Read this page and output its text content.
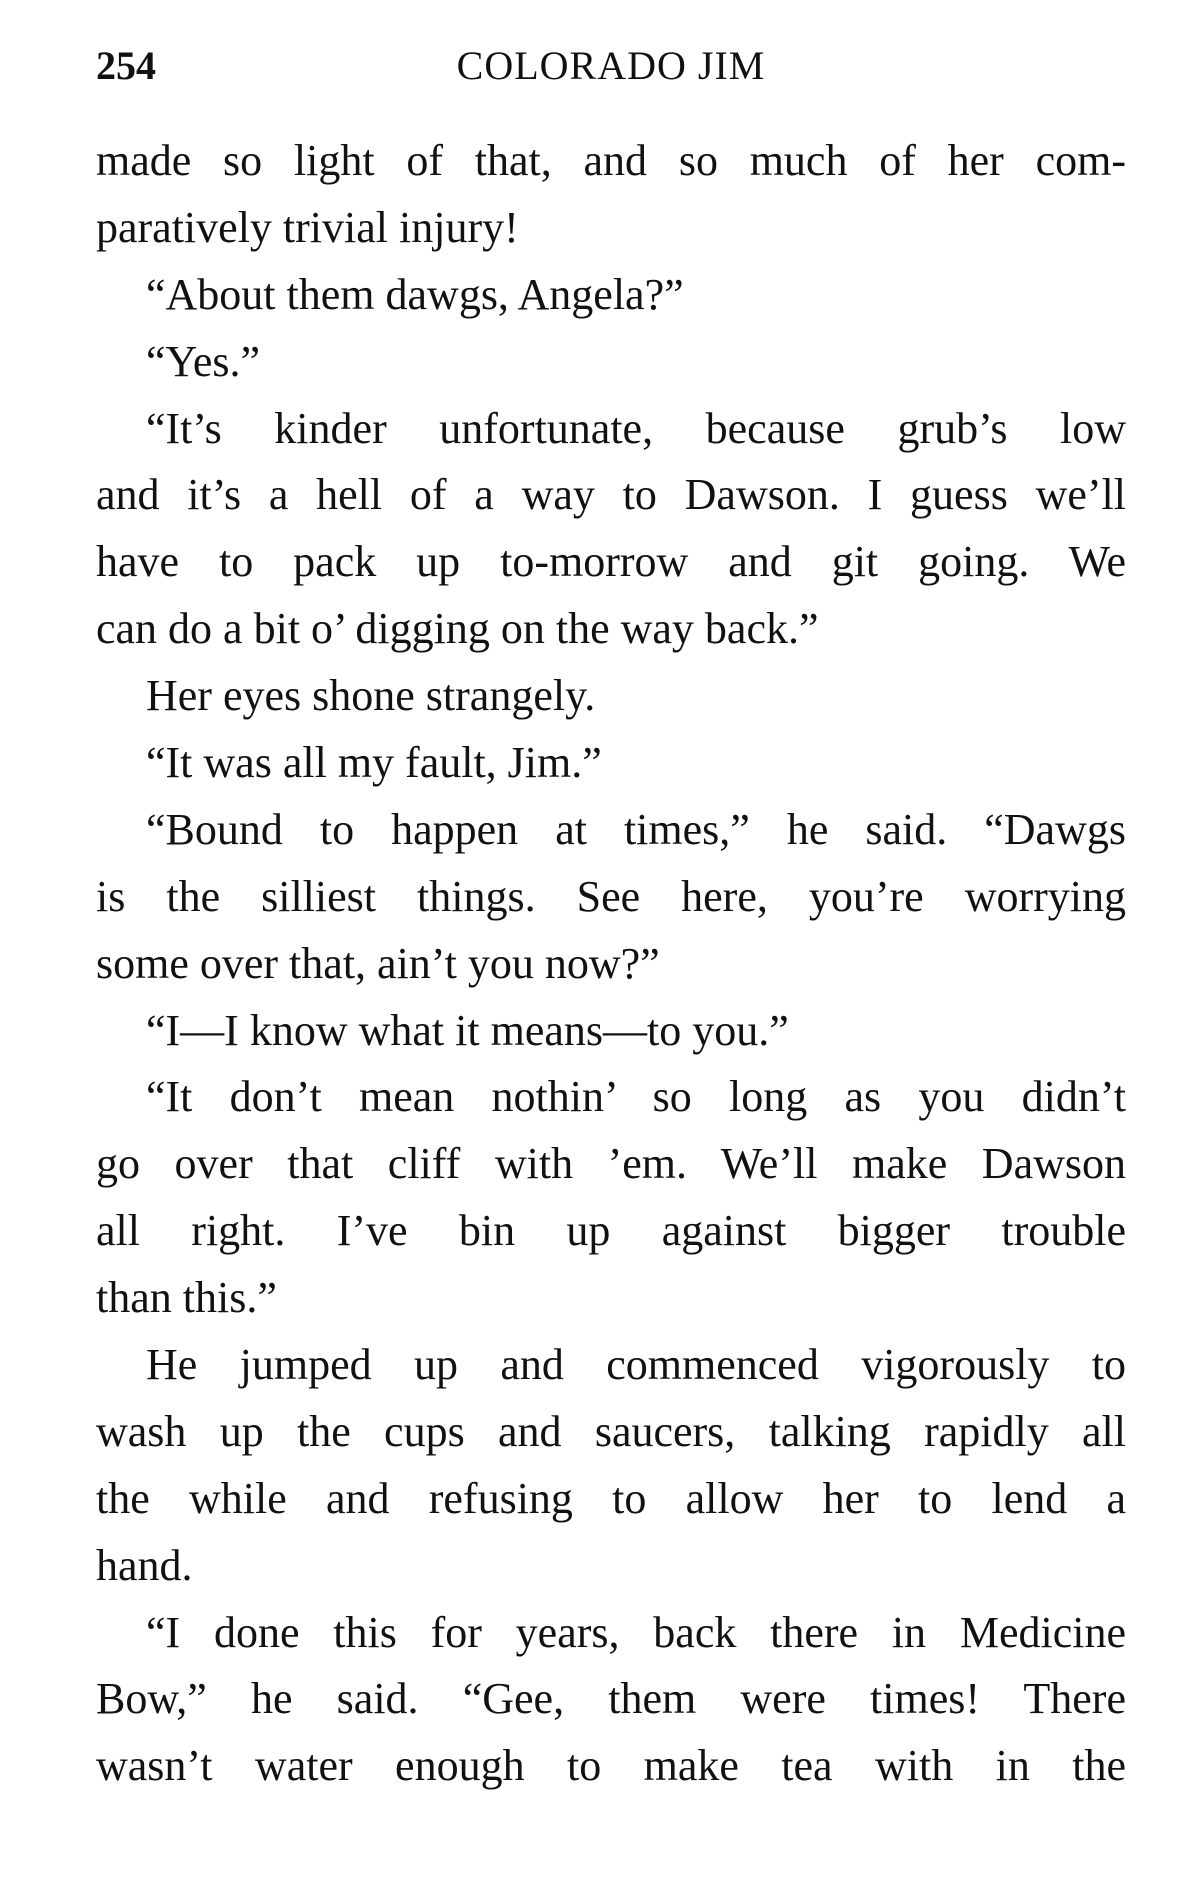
254	COLORADO JIM
made so light of that, and so much of her com-
paratively trivial injury!
“About them dawgs, Angela?”
“Yes.”
“It’s kinder unfortunate, because grub’s low
and it’s a hell of a way to Dawson. I guess we’ll
have to pack up to-morrow and git going. We
can do a bit o’ digging on the way back.”
Her eyes shone strangely.
“It was all my fault, Jim.”
“Bound to happen at times,” he said. “Dawgs
is the silliest things. See here, you’re worrying
some over that, ain’t you now?”
“I—I know what it means—to you.”
“It don’t mean nothin’ so long as you didn’t
go over that cliff with ’em. We’ll make Dawson
all right. I’ve bin up against bigger trouble
than this.”
He jumped up and commenced vigorously to
wash up the cups and saucers, talking rapidly all
the while and refusing to allow her to lend a
hand.
“I done this for years, back there in Medicine
Bow,” he said. “Gee, them were times! There
wasn’t water enough to make tea with in the
